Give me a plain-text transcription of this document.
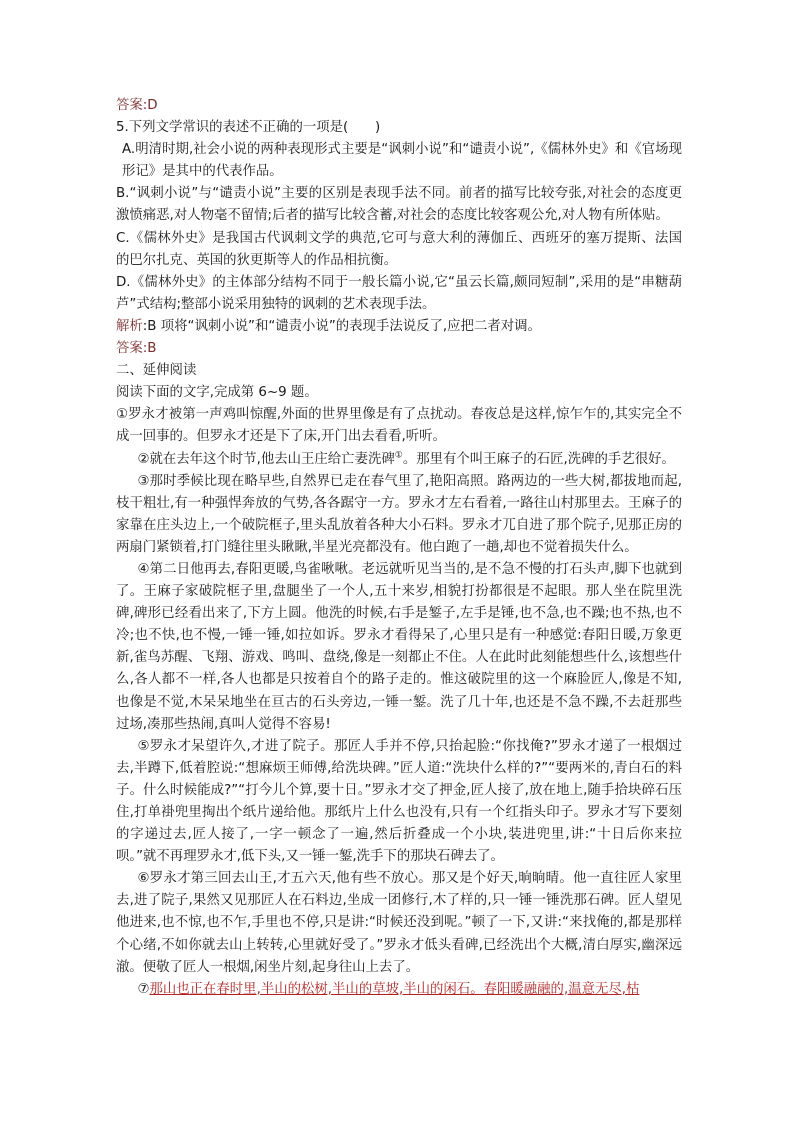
答案:D

5.下列文学常识的表述不正确的一项是(　　)

A.明清时期,社会小说的两种表现形式主要是“讽刺小说”和“谴责小说”,《儒林外史》和《官场现形记》是其中的代表作品。

B.“讽刺小说”与“谴责小说”主要的区别是表现手法不同。前者的描写比较夸张,对社会的态度更激愤痛恶,对人物毫不留情;后者的描写比较含蓄,对社会的态度比较客观公允,对人物有所体贴。

C.《儒林外史》是我国古代讽刺文学的典范,它可与意大利的薄伽丘、西班牙的塞万提斯、法国的巴尔扎克、英国的狄更斯等人的作品相抗衡。

D.《儒林外史》的主体部分结构不同于一般长篇小说,它“虽云长篇,颇同短制”,采用的是“串糖葫芦”式结构;整部小说采用独特的讽刺的艺术表现手法。

解析:B 项将“讽刺小说”和“谴责小说”的表现手法说反了,应把二者对调。

答案:B

二、延伸阅读

阅读下面的文字,完成第 6~9 题。

①罗永才被第一声鸡叫惊醒,外面的世界里像是有了点扰动。春夜总是这样,惊乍乍的,其实完全不成一回事的。但罗永才还是下了床,开门出去看看,听听。

②就在去年这个时节,他去山王庄给亡妻洗碑①。那里有个叫王麻子的石匠,洗碑的手艺很好。

③那时季候比现在略早些,自然界已走在春气里了,艳阳高照。路两边的一些大树,都拔地而起,枝干粗壮,有一种强悍奔放的气势,各各踞守一方。罗永才左右看着,一路往山村那里去。王麻子的家靠在庄头边上,一个破院框子,里头乱放着各种大小石料。罗永才兀自进了那个院子,见那正房的两扇门紧锁着,打门缝往里头瞅瞅,半星光亮都没有。他白跑了一趟,却也不觉着损失什么。

④第二日他再去,春阳更暖,鸟雀啾啾。老远就听见当当的,是不急不慢的打石头声,脚下也就到了。王麻子家破院框子里,盘腿坐了一个人,五十来岁,相貌打扮都很是不起眼。那人坐在院里洗碑,碑形已经看出来了,下方上圆。他洗的时候,右手是錾子,左手是锤,也不急,也不躁;也不热,也不冷;也不快,也不慢,一锤一锤,如拉如诉。罗永才看得呆了,心里只是有一种感觉:春阳日暖,万象更新,雀鸟苏醒、飞翔、游戏、鸣叫、盘绕,像是一刻都止不住。人在此时此刻能想些什么,该想些什么,各人都不一样,各人也都是只按着自个的路子走的。惟这破院里的这一个麻脸匠人,像是不知,也像是不觉,木呆呆地坐在亘古的石头旁边,一锤一錾。洗了几十年,也还是不急不躁,不去赶那些过场,凑那些热闹,真叫人觉得不容易!

⑤罗永才呆望许久,才进了院子。那匠人手并不停,只抬起脸:“你找俺?”罗永才递了一根烟过去,半蹲下,低着腔说:“想麻烦王师傅,给洗块碑。”匠人道:“洗块什么样的?”“要两米的,青白石的料子。什么时候能成?”“打今儿个算,要十日。”罗永才交了押金,匠人接了,放在地上,随手拾块碎石压住,打单褂兜里掏出个纸片递给他。那纸片上什么也没有,只有一个红指头印子。罗永才写下要刻的字递过去,匠人接了,一字一顿念了一遍,然后折叠成一个小块,装进兜里,讲:“十日后你来拉呗。”就不再理罗永才,低下头,又一锤一錾,洗手下的那块石碑去了。

⑥罗永才第三回去山王,才五六天,他有些不放心。那又是个好天,晌晌晴。他一直往匠人家里去,进了院子,果然又见那匠人在石料边,坐成一团修行,木了样的,只一锤一锤洗那石碑。匠人望见他进来,也不惊,也不乍,手里也不停,只是讲:“时候还没到呢。”顿了一下,又讲:“来找俺的,都是那样个心绪,不如你就去山上转转,心里就好受了。”罗永才低头看碑,已经洗出个大概,清白厚实,幽深远澈。便敬了匠人一根烟,闲坐片刻,起身往山上去了。

⑦那山也正在春时里,半山的松树,半山的草坡,半山的闲石。春阳暖融融的,温意无尽,枯
